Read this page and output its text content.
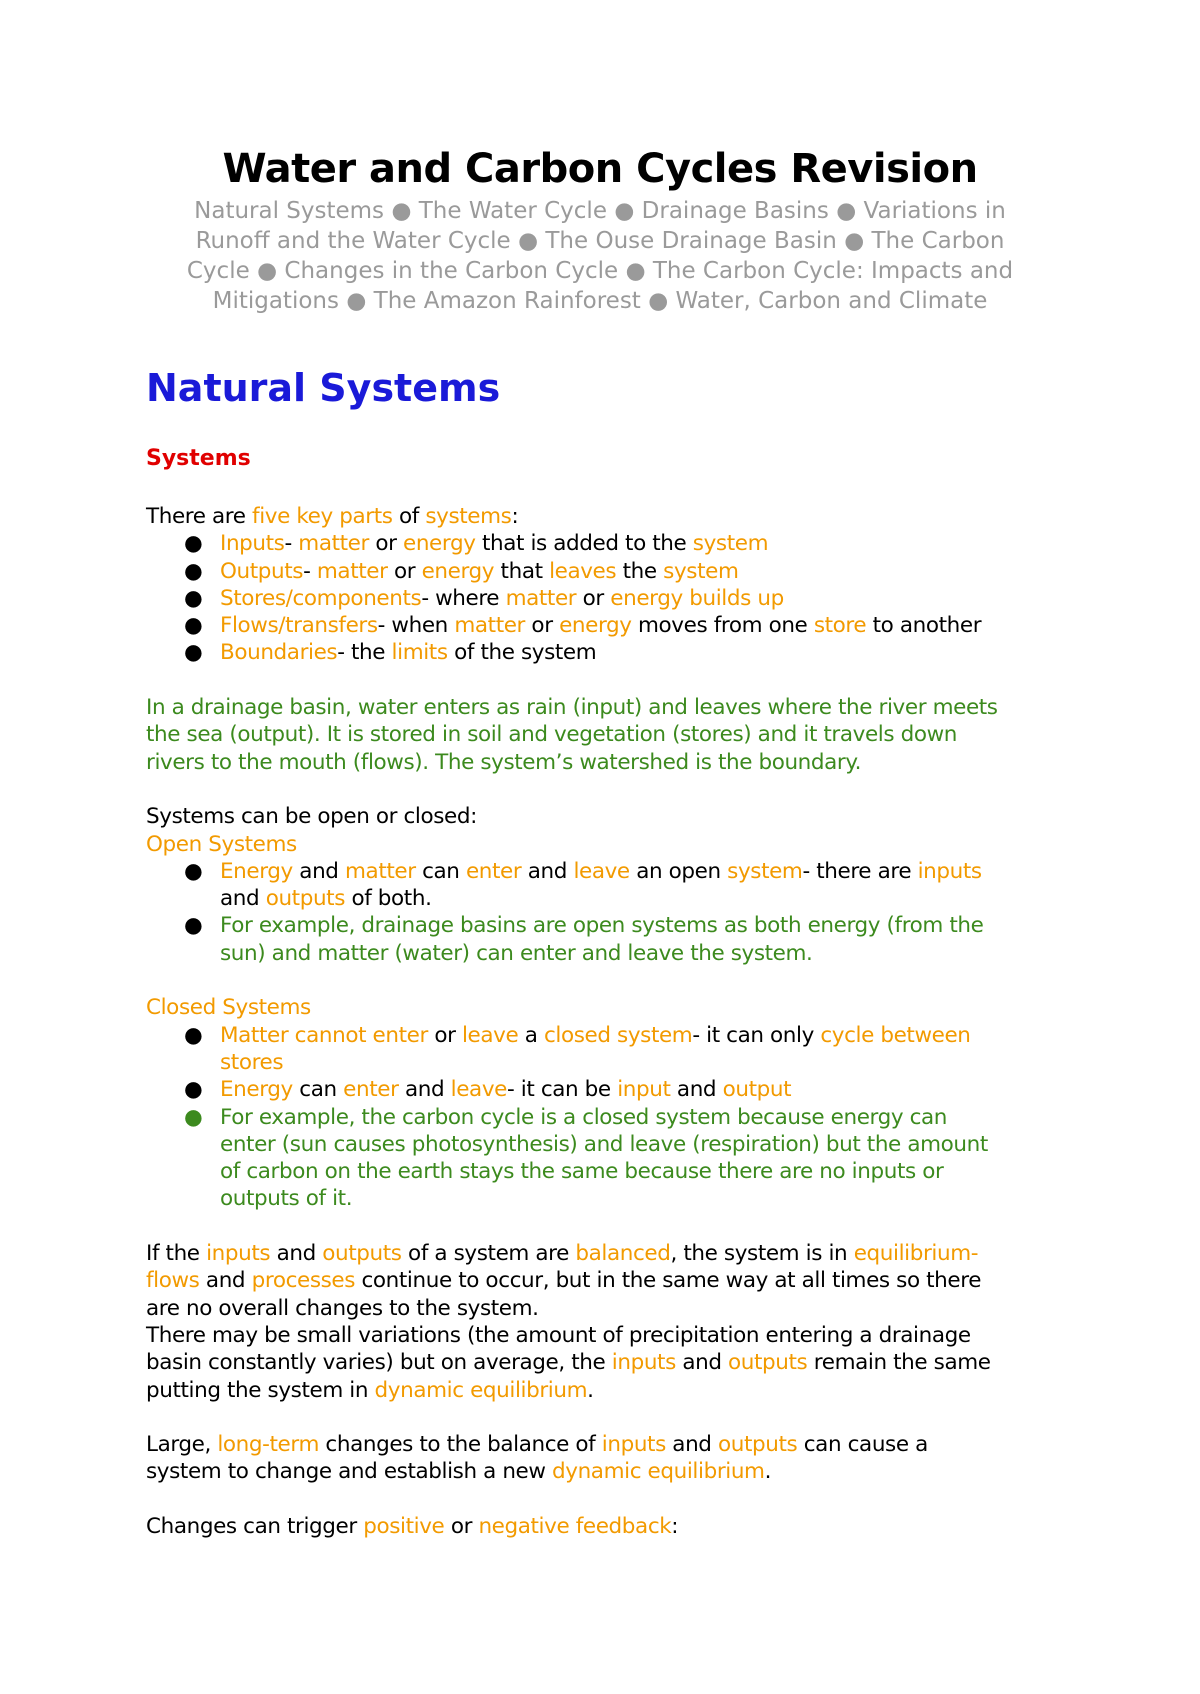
Water and Carbon Cycles Revision
Natural Systems ● The Water Cycle ● Drainage Basins ● Variations in
Runoff and the Water Cycle ● The Ouse Drainage Basin ● The Carbon
Cycle ● Changes in the Carbon Cycle ● The Carbon Cycle: Impacts and
Mitigations ● The Amazon Rainforest ● Water, Carbon and Climate
Natural Systems
Systems
There are five key parts of systems:
● Inputs- matter or energy that is added to the system
● Outputs- matter or energy that leaves the system
● Stores/components- where matter or energy builds up
● Flows/transfers- when matter or energy moves from one store to another
● Boundaries- the limits of the system
In a drainage basin, water enters as rain (input) and leaves where the river meets
the sea (output). It is stored in soil and vegetation (stores) and it travels down
rivers to the mouth (flows). The system’s watershed is the boundary.
Systems can be open or closed:
Open Systems
● Energy and matter can enter and leave an open system- there are inputs
and outputs of both.
● For example, drainage basins are open systems as both energy (from the
sun) and matter (water) can enter and leave the system.
Closed Systems
● Matter cannot enter or leave a closed system- it can only cycle between
stores
● Energy can enter and leave- it can be input and output
● For example, the carbon cycle is a closed system because energy can
enter (sun causes photosynthesis) and leave (respiration) but the amount
of carbon on the earth stays the same because there are no inputs or
outputs of it.
If the inputs and outputs of a system are balanced, the system is in equilibrium-
flows and processes continue to occur, but in the same way at all times so there
are no overall changes to the system.
There may be small variations (the amount of precipitation entering a drainage
basin constantly varies) but on average, the inputs and outputs remain the same
putting the system in dynamic equilibrium.
Large, long-term changes to the balance of inputs and outputs can cause a
system to change and establish a new dynamic equilibrium.
Changes can trigger positive or negative feedback:
